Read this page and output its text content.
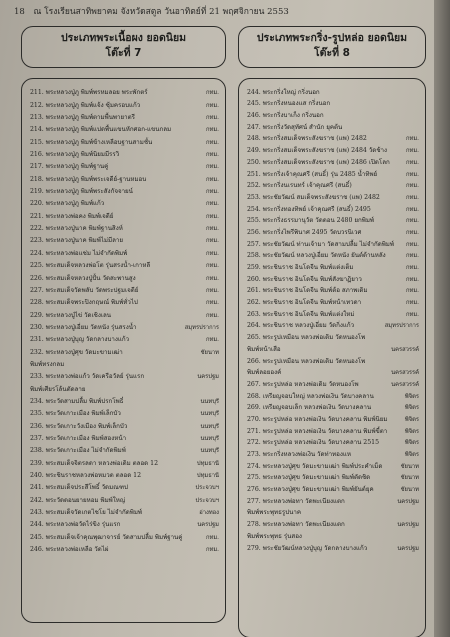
18 ณ โรงเรียนสาทิพยาคม จังหวัดสตูล วันอาทิตย์ที่ 21 พฤศจิกายน 2553
ประเภทพระเนื้อผง ยอดนิยม
โต๊ะที่ 7
211. พระหลวงปู่ภู พิมพ์พรหมลอย พระพักตร์	กทม.
212. พระหลวงปู่ภู พิมพ์แจ้ง ซุ้มครอบแก้ว	กทม.
213. พระหลวงปู่ภู พิมพ์ตามพื้นพายาตรี	กทม.
214. พระหลวงปู่ภู พิมพ์แปดพื้นแขนหักศอก-แขนกลม	กทม.
215. พระหลวงปู่ภู พิมพ์ข้างเหลือบฐานสามชั้น	กทม.
216. พระหลวงปู่ภู พิมพ์นิยมมีรรวิ	กทม.
217. พระหลวงปู่ภู พิมพ์ฐานคู่	กทม.
218. พระหลวงปู่ภู พิมพ์พระเจดีย์-ฐานหมอน	กทม.
219. พระหลวงปู่ภู พิมพ์พระสังกัจจายน์	กทม.
220. พระหลวงปู่ภู พิมพ์แก้ว	กทม.
221. พระหลวงพ่อคง พิมพ์เจดีย์	กทม.
222. พระหลวงปู่นาค พิมพ์ฐานสิงห์	กทม.
223. พระหลวงปู่นาค พิมพ์ไม่มีลาย	กทม.
224. พระหลวงพ่อแช่ม ไม่จำกัดพิมพ์	กทม.
225. พระสมเด็จหลวงพ่อโต รุ่นสรงน้ำ-เกาหลี	กทม.
226. พระสมเด็จหลวงปู่ปั้น วัดสะพานสูง	กทม.
227. พระสมเด็จวัดพลับ วัดพระปฐมเจดีย์	กทม.
228. พระสมเด็จพระปิงกฤษณ์ พิมพ์ทั่วไป	กทม.
229. พระหลวงปู่ไข่ วัดเชิงเลน	กทม.
230. พระหลวงปู่เอี่ยม วัดหนัง รุ่นสรงน้ำ	สมุทรปราการ
231. พระหลวงปู่บุญ วัดกลางบางแก้ว	กทม.
232. พระหลวงปู่ศุข วัดมะขามเฒ่า	ชัยนาท
พิมพ์ทรงกลม
233. พระหลวงพ่อแก้ว วัดเครือวัลย์ รุ่นแรก	นครปฐม
พิมพ์เศียรโล้นตัดลาย
234. พระวัดสามปลื้ม พิมพ์ปรกโพธิ์	นนทบุรี
235. พระวัดเกาะเมือง พิมพ์เล็กบัว	นนทบุรี
236. พระวัดเกาะวังเมือง พิมพ์เล็กบัว	นนทบุรี
237. พระวัดเกาะเมือง พิมพ์สองหน้า	นนทบุรี
238. พระวัดเกาะเมือง ไม่จำกัดพิมพ์	นนทบุรี
239. พระสมเด็จจิตรลดา หลวงพ่อเดิม ตลอด 12	ปทุมธานี
240. พระชินราชหลวงพ่อหมวด ตลอด 12	ปทุมธานี
241. พระสมเด็จประสีโพธิ์ วัดมณฑป	ประจวบฯ
242. พระวัดดอนยายหอม พิมพ์ใหญ่	ประจวบฯ
243. พระสมเด็จวัดเกตไชโย ไม่จำกัดพิมพ์	อ่างทอง
244. พระหลวงพ่อวัดไร่ขิง รุ่นแรก	นครปฐม
245. พระสมเด็จเจ้าคุณพุฒาจารย์ วัดสามปลื้ม พิมพ์ฐานคู่	กทม.
246. พระหลวงพ่อเหลือ วัดไผ่	กทม.
ประเภทพระกริ่ง-รูปหล่อ ยอดนิยม
โต๊ะที่ 8
244. พระกริ่งใหญ่ กริ่งนอก
245. พระกริ่งหนองแส กริ่งนอก
246. พระกริ่งบาเก็ง กริ่งนอก
247. พระกริ่งวัดสุทัศน์ สำนัก ยุคต้น
248. พระกริ่งสมเด็จพระสังฆราช (แพ) 2482	กทม.
249. พระกริ่งสมเด็จพระสังฆราช (แพ) 2484 วัดช้าง	กทม.
250. พระกริ่งสมเด็จพระสังฆราช (แพ) 2486 เปิดโลก	กทม.
251. พระกริ่งเจ้าคุณศรี (สนธิ์) รุ่น 2485 น้ำทิพย์	กทม.
252. พระกริ่งนเรนทร์ เจ้าคุณศรี (สนธิ์)	กทม.
253. พระชัยวัฒน์ สมเด็จพระสังฆราช (แพ) 2482	กทม.
254. พระกริ่งทองทิพย์ เจ้าคุณศรี (สนธิ์) 2495	กทม.
255. พระกริ่งธรรมานุวัต วัดดอน 2480 ยกพิมพ์	กทม.
256. พระกริ่งไพรีพินาศ 2495 วัดบวรนิเวศ	กทม.
257. พระชัยวัฒน์ ท่านเจ้ามา วัดสามปลื้ม ไม่จำกัดพิมพ์ กทม.
258. พระชัยวัฒน์ หลวงปู่เอี่ยม วัดหนัง ยันต์ด้านหลัง	กทม.
259. พระชินราช อินโดจีน พิมพ์แต่งเต็ม	กทม.
260. พระชินราช อินโดจีน พิมพ์สังฆาฏิยาว	กทม.
261. พระชินราช อินโดจีน พิมพ์ต้อ สภาพเดิม	กทม.
262. พระชินราช อินโดจีน พิมพ์หน้าเทวดา	กทม.
263. พระชินราช อินโดจีน พิมพ์แต่งใหม่	กทม.
264. พระชินราช หลวงปู่เอี่ยม วัดกิ่งแก้ว	สมุทรปราการ
265. พระรูปเหมือน หลวงพ่อเดิม วัดหนองโพ
พิมพ์หน้าเสือ	นครสวรรค์
266. พระรูปเหมือน หลวงพ่อเดิม วัดหนองโพ
พิมพ์ลอยองค์	นครสวรรค์
267. พระรูปหล่อ หลวงพ่อเดิม วัดหนองโพ	นครสวรรค์
268. เหรียญจอบใหญ่ หลวงพ่อเงิน วัดบางคลาน	พิจิตร
269. เหรียญจอบเล็ก หลวงพ่อเงิน วัดบางคลาน	พิจิตร
270. พระรูปหล่อ หลวงพ่อเงิน วัดบางคลาน พิมพ์นิยม	พิจิตร
271. พระรูปหล่อ หลวงพ่อเงิน วัดบางคลาน พิมพ์ขี้ตา	พิจิตร
272. พระรูปหล่อ หลวงพ่อเงิน วัดบางคลาน 2515	พิจิตร
273. พระกริ่งหลวงพ่อเงิน วัดท่าทองแห	พิจิตร
274. พระหลวงปู่ศุข วัดมะขามเฒ่า พิมพ์ประคำเม็ด	ชัยนาท
275. พระหลวงปู่ศุข วัดมะขามเฒ่า พิมพ์ตัดชิด	ชัยนาท
276. พระหลวงปู่ศุข วัดมะขามเฒ่า พิมพ์ยันต์ยุค	ชัยนาท
277. พระหลวงพ่อทา วัดพะเนียงแตก	นครปฐม
พิมพ์พระพุทธรูปนาค
278. พระหลวงพ่อทา วัดพะเนียงแตก	นครปฐม
พิมพ์พระพุทธ รุ่นสอง
279. พระชัยวัฒน์หลวงปู่บุญ วัดกลางบางแก้ว	นครปฐม
